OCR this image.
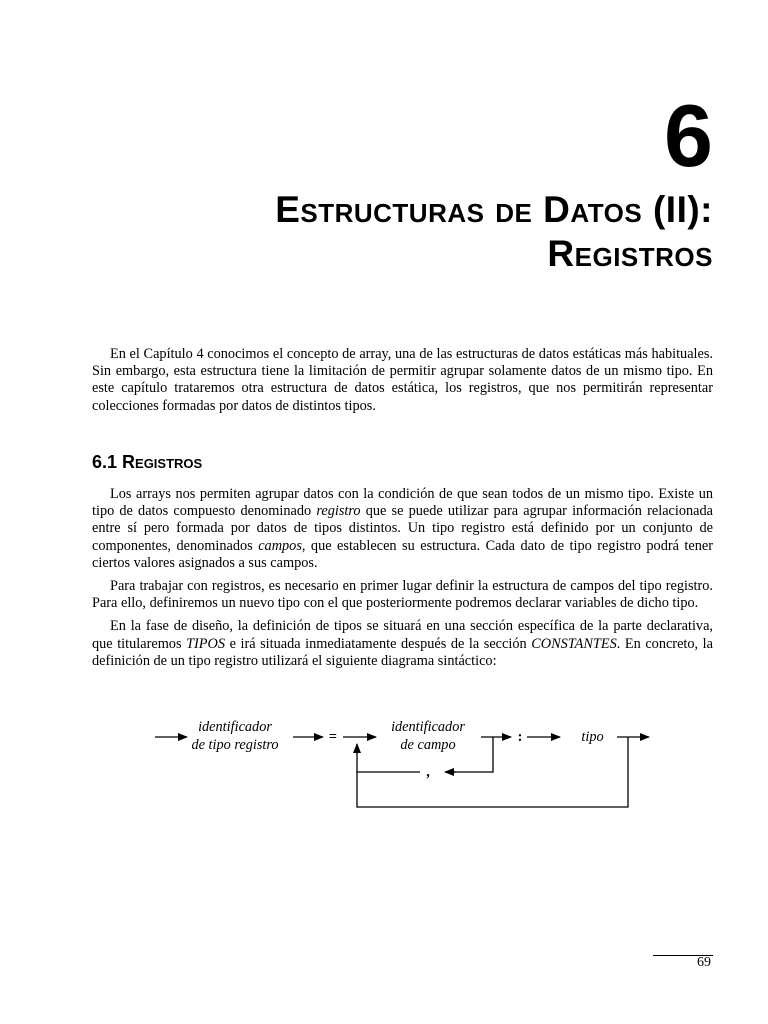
6
Estructuras de Datos (II):
Registros

En el Capítulo 4 conocimos el concepto de array, una de las estructuras de datos estáticas más habituales. Sin embargo, esta estructura tiene la limitación de permitir agrupar solamente datos de un mismo tipo. En este capítulo trataremos otra estructura de datos estática, los registros, que nos permitirán representar colecciones formadas por datos de distintos tipos.

6.1 Registros

Los arrays nos permiten agrupar datos con la condición de que sean todos de un mismo tipo. Existe un tipo de datos compuesto denominado registro que se puede utilizar para agrupar información relacionada entre sí pero formada por datos de tipos distintos. Un tipo registro está definido por un conjunto de componentes, denominados campos, que establecen su estructura. Cada dato de tipo registro podrá tener ciertos valores asignados a sus campos.

Para trabajar con registros, es necesario en primer lugar definir la estructura de campos del tipo registro. Para ello, definiremos un nuevo tipo con el que posteriormente podremos declarar variables de dicho tipo.

En la fase de diseño, la definición de tipos se situará en una sección específica de la parte declarativa, que titularemos TIPOS e irá situada inmediatamente después de la sección CONSTANTES. En concreto, la definición de un tipo registro utilizará el siguiente diagrama sintáctico:

identificador
de tipo registro	=
identificador
de campo	:	tipo
,
69
